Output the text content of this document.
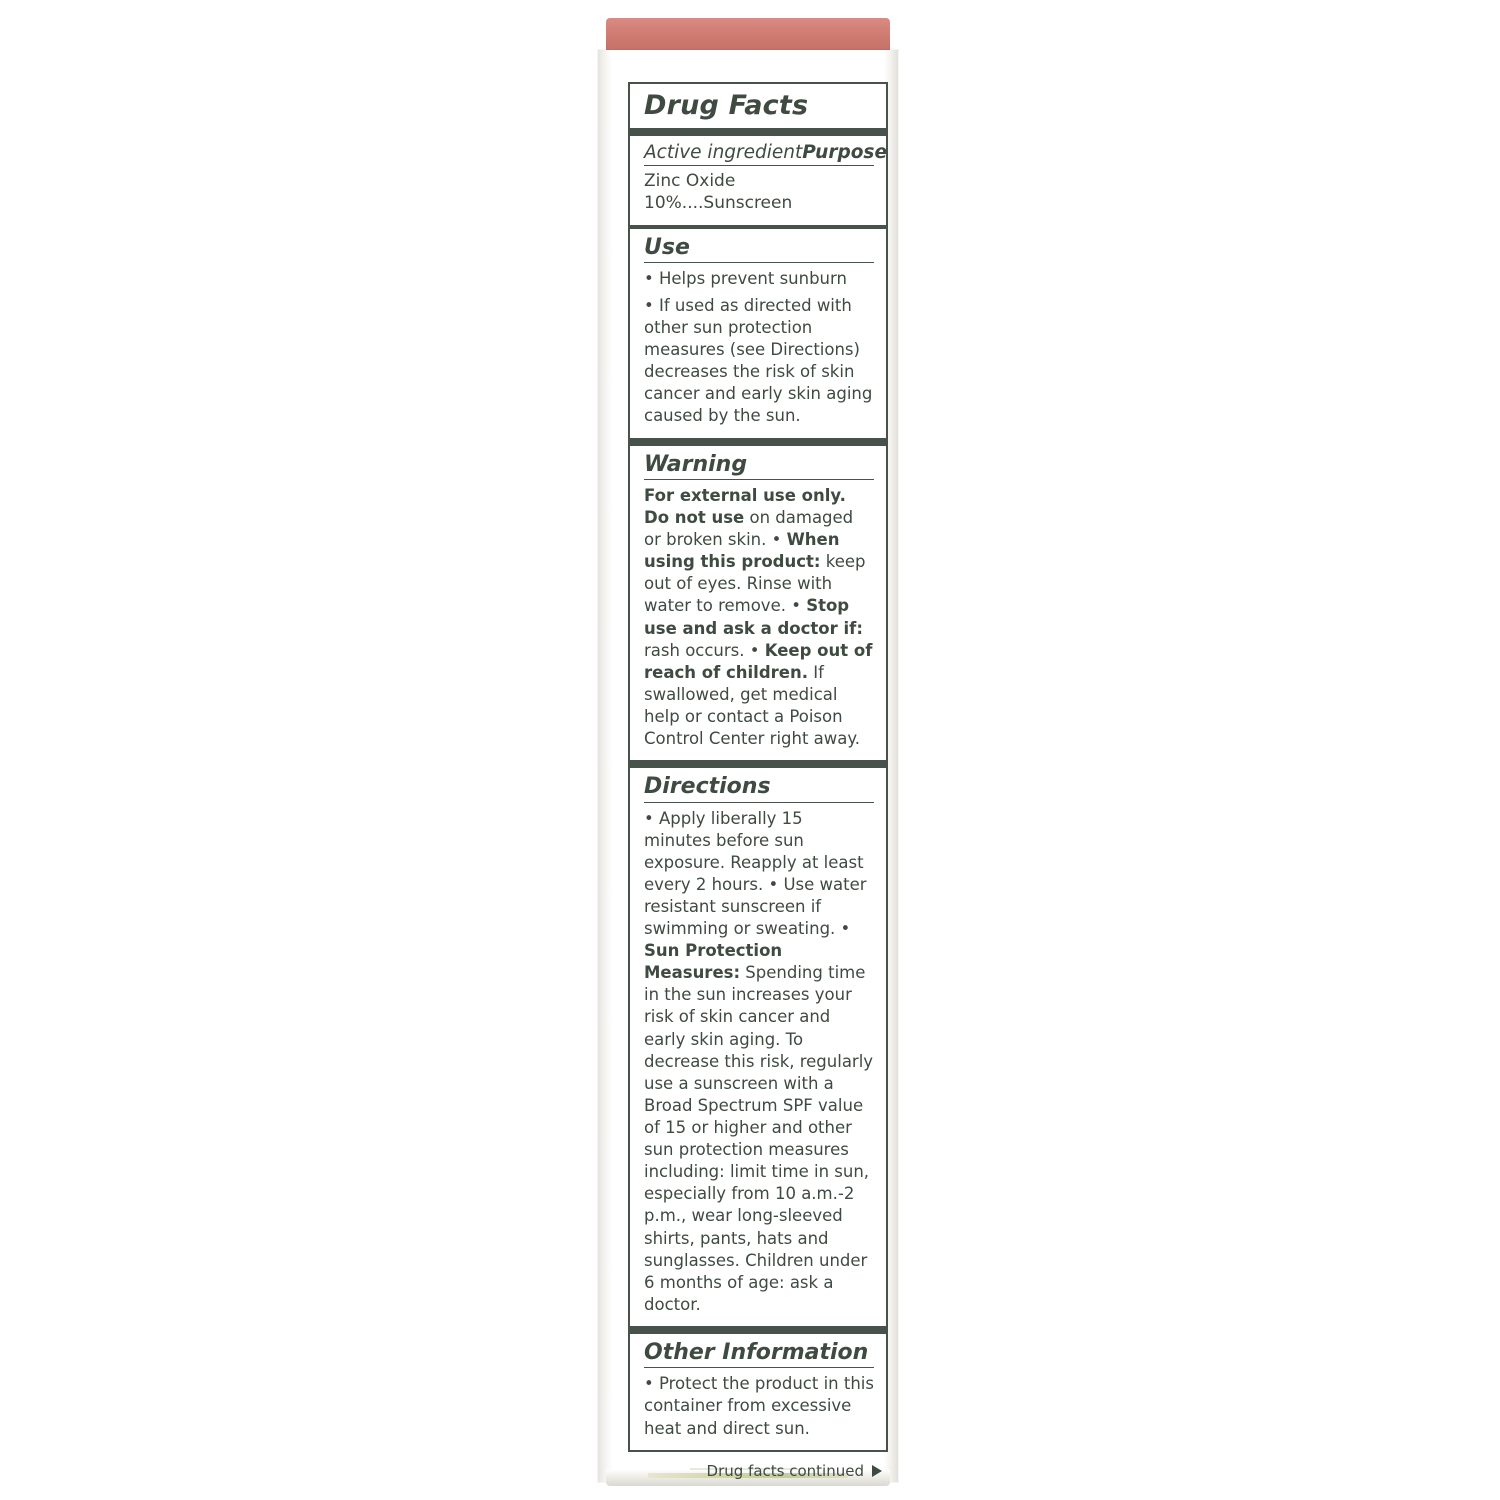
Drug Facts
Active ingredient Purpose
Zinc Oxide 10%....Sunscreen
Use
• Helps prevent sunburn
• If used as directed with other sun protection measures (see Directions) decreases the risk of skin cancer and early skin aging caused by the sun.
Warning
For external use only. Do not use on damaged or broken skin. • When using this product: keep out of eyes. Rinse with water to remove. • Stop use and ask a doctor if: rash occurs. • Keep out of reach of children. If swallowed, get medical help or contact a Poison Control Center right away.
Directions
• Apply liberally 15 minutes before sun exposure. Reapply at least every 2 hours. • Use water resistant sunscreen if swimming or sweating. • Sun Protection Measures: Spending time in the sun increases your risk of skin cancer and early skin aging. To decrease this risk, regularly use a sunscreen with a Broad Spectrum SPF value of 15 or higher and other sun protection measures including: limit time in sun, especially from 10 a.m.-2 p.m., wear long-sleeved shirts, pants, hats and sunglasses. Children under 6 months of age: ask a doctor.
Other Information
• Protect the product in this container from excessive heat and direct sun.
Drug facts continued
